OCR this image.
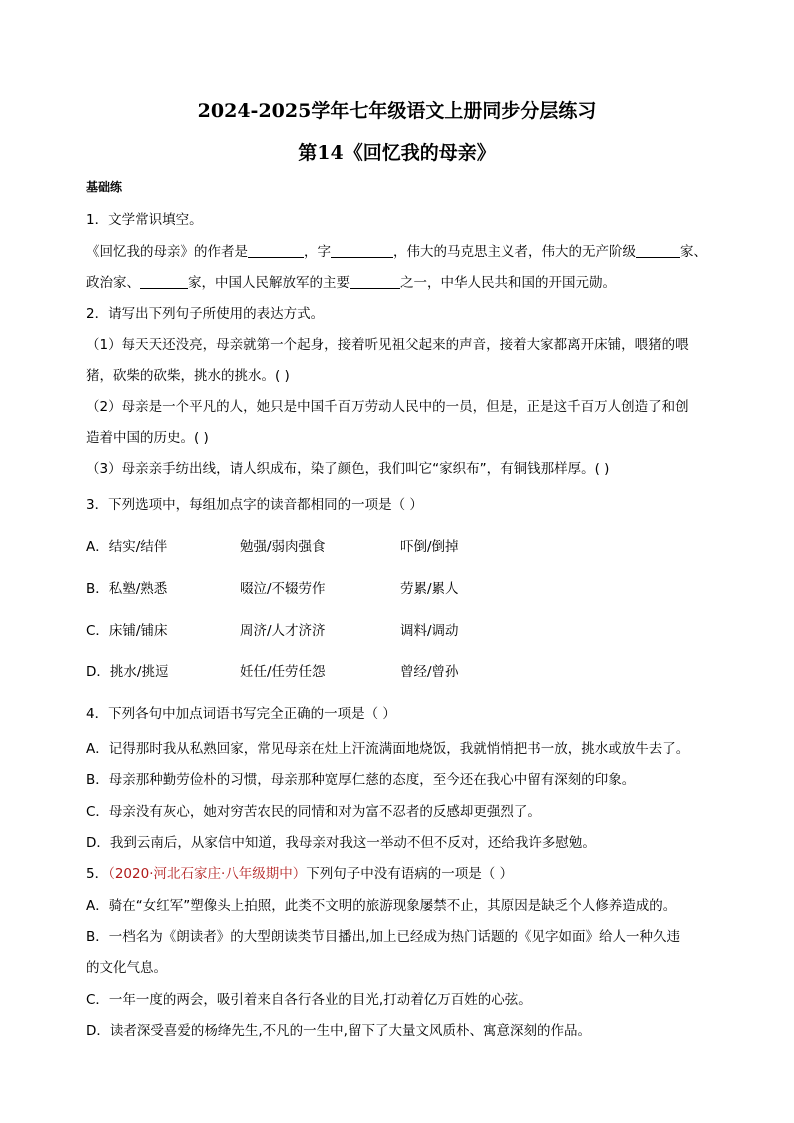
2024-2025学年七年级语文上册同步分层练习
第14《回忆我的母亲》
基础练
1．文学常识填空。
《回忆我的母亲》的作者是	，字	，伟大的马克思主义者，伟大的无产阶级	家、
政治家、	家，中国人民解放军的主要	之一，中华人民共和国的开国元勋。
2．请写出下列句子所使用的表达方式。
（1）每天天还没亮，母亲就第一个起身，接着听见祖父起来的声音，接着大家都离开床铺，喂猪的喂
猪，砍柴的砍柴，挑水的挑水。( )
（2）母亲是一个平凡的人，她只是中国千百万劳动人民中的一员，但是，正是这千百万人创造了和创
造着中国的历史。( )
（3）母亲亲手纺出线，请人织成布，染了颜色，我们叫它“家织布”，有铜钱那样厚。( )
3．下列选项中，每组加点字的读音都相同的一项是（ ）
A．结实/结伴	勉强/弱肉强食	吓倒/倒掉
B．私塾/熟悉	啜泣/不辍劳作	劳累/累人
C．床铺/铺床	周济/人才济济	调料/调动
D．挑水/挑逗	妊任/任劳任怨	曾经/曾孙
4．下列各句中加点词语书写完全正确的一项是（ ）
A．记得那时我从私熟回家，常见母亲在灶上汗流满面地烧饭，我就悄悄把书一放，挑水或放牛去了。
B．母亲那种勤劳俭朴的习惯，母亲那种宽厚仁慈的态度，至今还在我心中留有深刻的印象。
C．母亲没有灰心，她对穷苦农民的同情和对为富不忍者的反感却更强烈了。
D．我到云南后，从家信中知道，我母亲对我这一举动不但不反对，还给我许多慰勉。
5．（2020·河北石家庄·八年级期中）下列句子中没有语病的一项是（ ）
A．骑在“女红军”塑像头上拍照，此类不文明的旅游现象屡禁不止，其原因是缺乏个人修养造成的。
B．一档名为《朗读者》的大型朗读类节目播出,加上已经成为热门话题的《见字如面》给人一种久违
的文化气息。
C．一年一度的两会，吸引着来自各行各业的目光,打动着亿万百姓的心弦。
D．读者深受喜爱的杨绛先生,不凡的一生中,留下了大量文风质朴、寓意深刻的作品。
